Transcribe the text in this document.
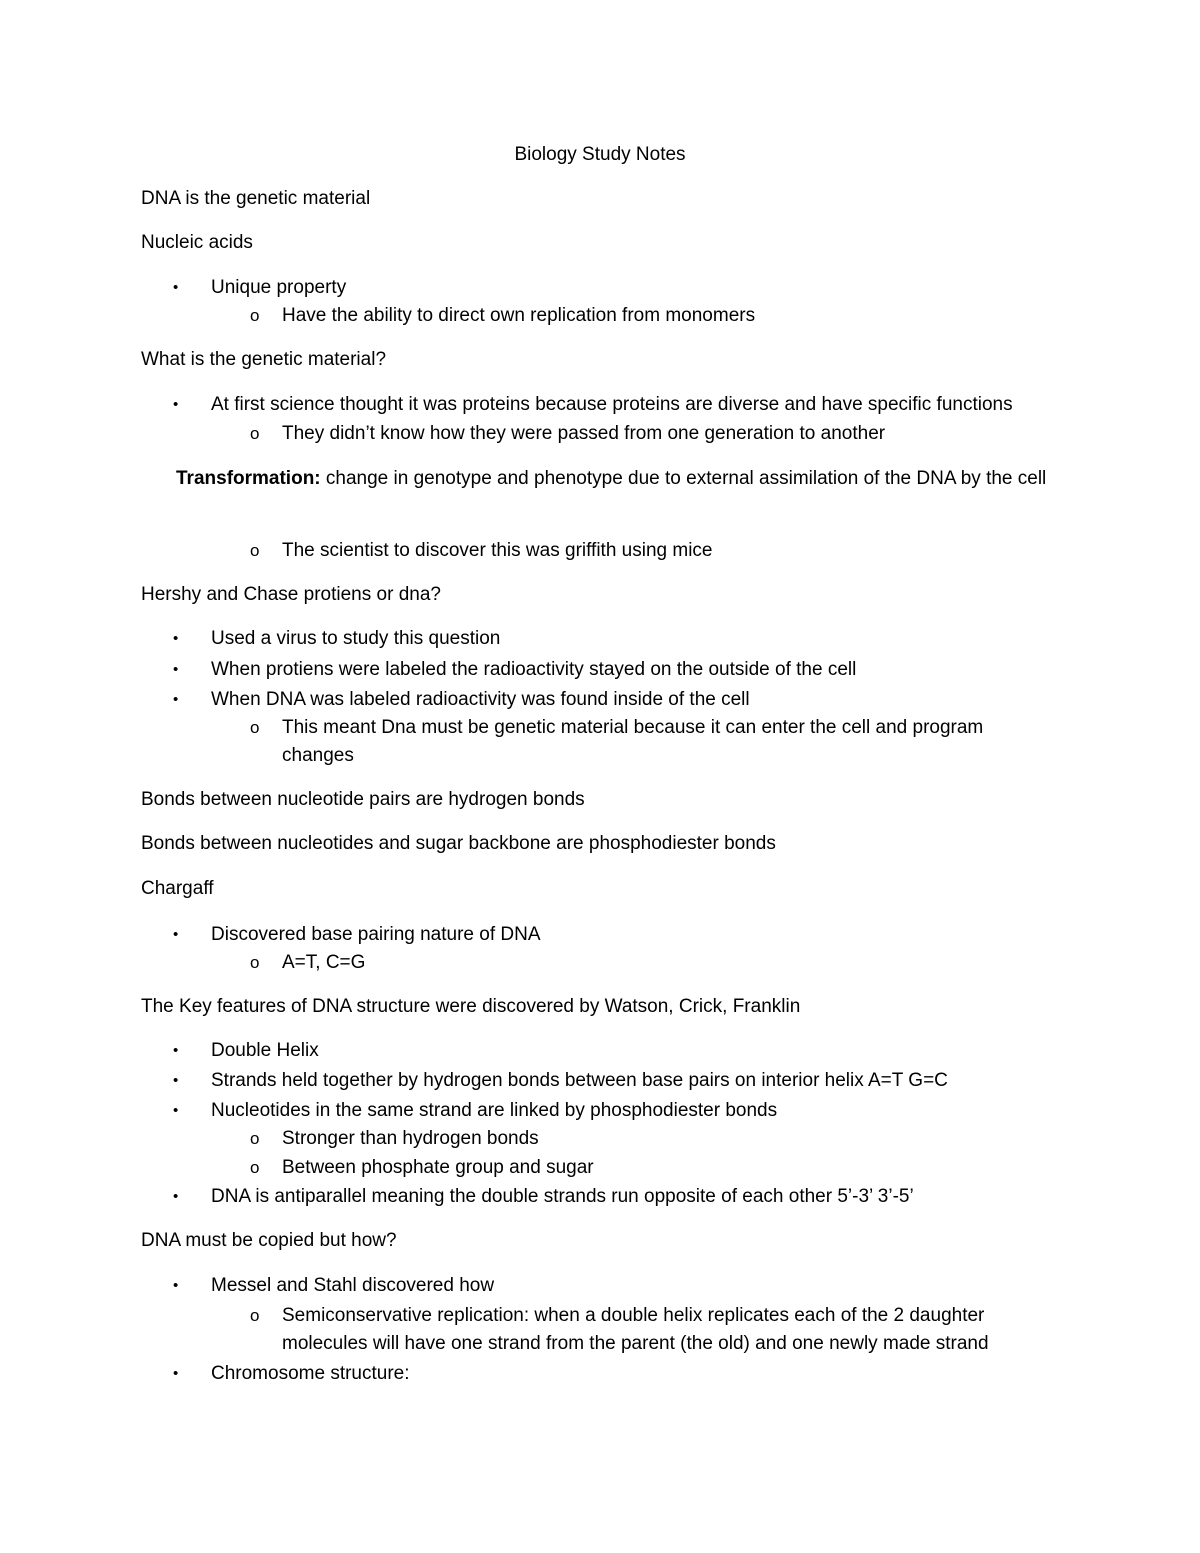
Biology Study Notes
DNA is the genetic material
Nucleic acids
• Unique property
o Have the ability to direct own replication from monomers
What is the genetic material?
• At first science thought it was proteins because proteins are diverse and have specific functions
o They didn’t know how they were passed from one generation to another
Transformation: change in genotype and phenotype due to external assimilation of the DNA by the cell
o The scientist to discover this was griffith using mice
Hershy and Chase protiens or dna?
• Used a virus to study this question
• When protiens were labeled the radioactivity stayed on the outside of the cell
• When DNA was labeled radioactivity was found inside of the cell
o This meant Dna must be genetic material because it can enter the cell and program changes
Bonds between nucleotide pairs are hydrogen bonds
Bonds between nucleotides and sugar backbone are phosphodiester bonds
Chargaff
• Discovered base pairing nature of DNA
o A=T, C=G
The Key features of DNA structure were discovered by Watson, Crick, Franklin
• Double Helix
• Strands held together by hydrogen bonds between base pairs on interior helix A=T G=C
• Nucleotides in the same strand are linked by phosphodiester bonds
o Stronger than hydrogen bonds
o Between phosphate group and sugar
• DNA is antiparallel meaning the double strands run opposite of each other 5’-3’ 3’-5’
DNA must be copied but how?
• Messel and Stahl discovered how
o Semiconservative replication: when a double helix replicates each of the 2 daughter molecules will have one strand from the parent (the old) and one newly made strand
• Chromosome structure:
